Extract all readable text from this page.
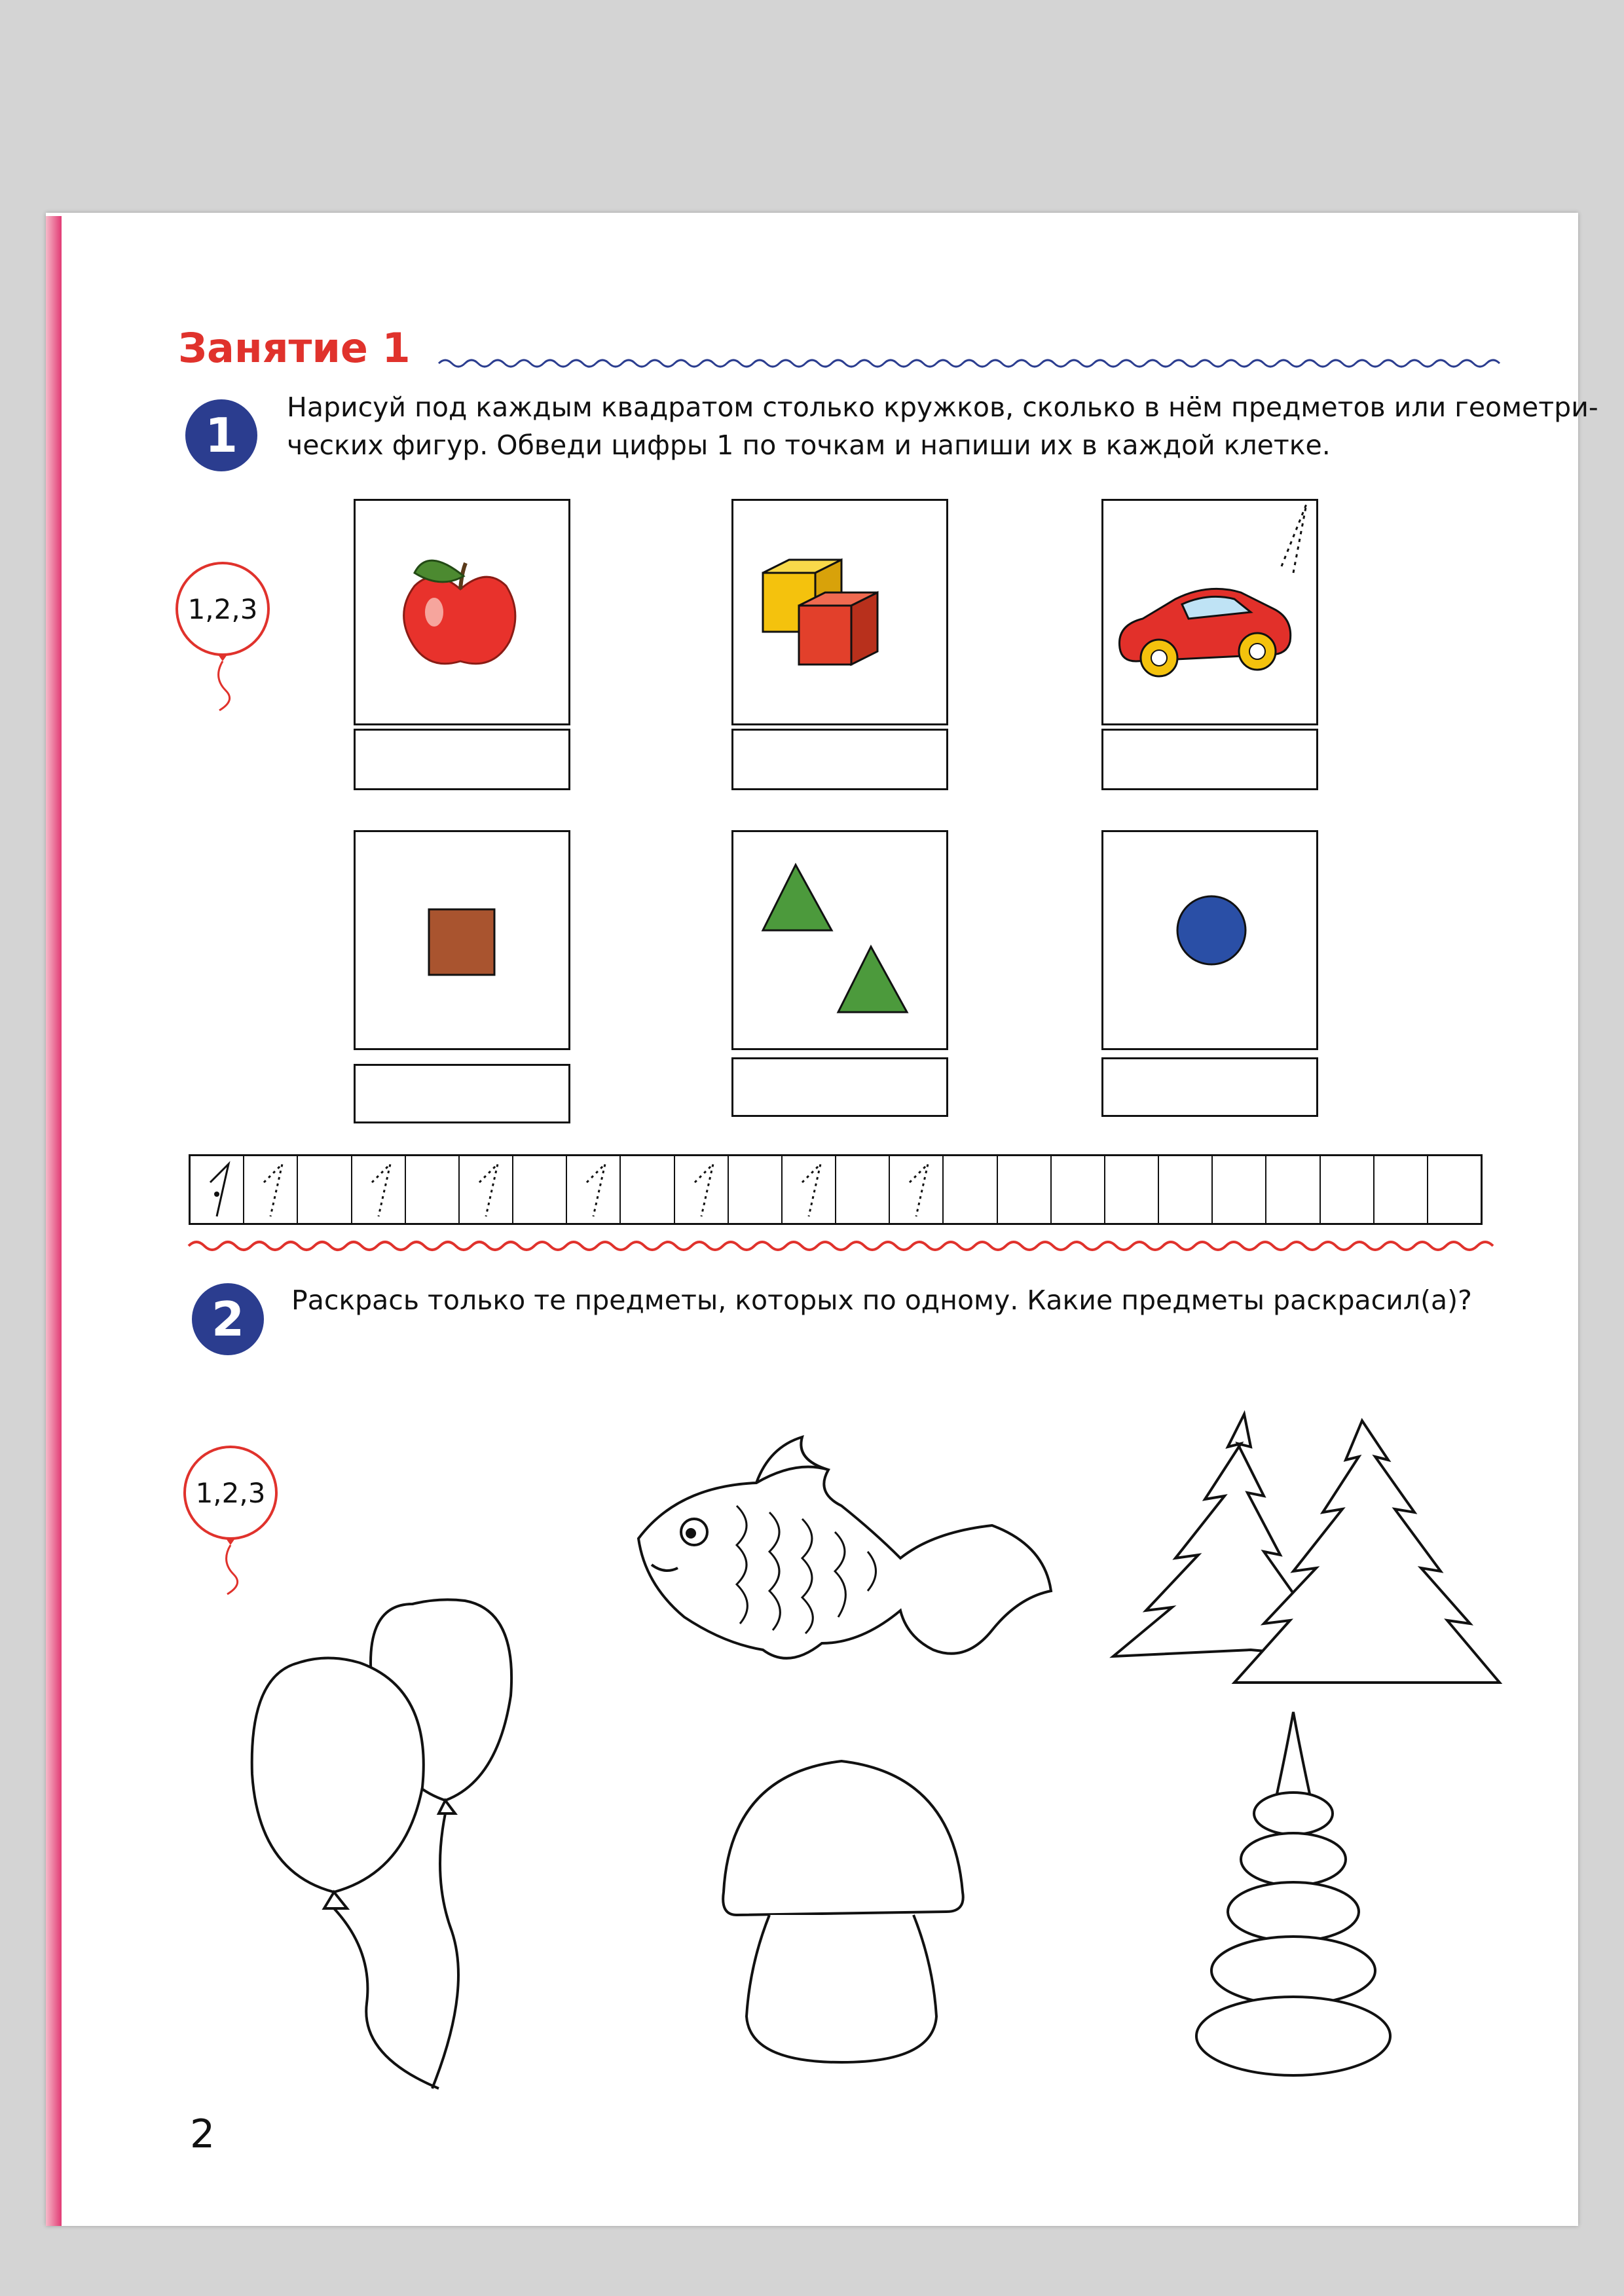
Занятие 1
1

Нарисуй под каждым квадратом столько кружков, сколько в нём предметов или геометри-

ческих фигур. Обведи цифры 1 по точкам и напиши их в каждой клетке.

1,2,3
2	Раскрась только те предметы, которых по одному. Какие предметы раскрасил(а)?

1,2,3
2
